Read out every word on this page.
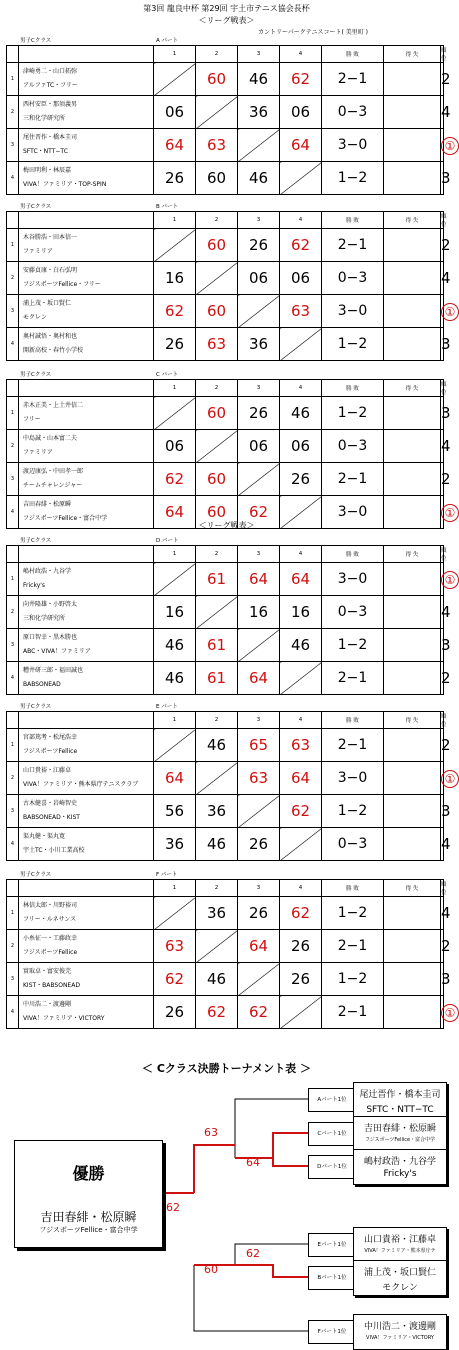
第3回 龍良中杯 第29回 宇土市テニス協会長杯
＜リーグ戦表＞
カントリーパークテニスコート( 美里町 )
男子Cクラス	A パート
		1	2	3	4	勝 敗	得 失	順 位
1	津崎勇二・山口拓弥
アルファTC・フリー		60	46	62	2−1		2
2	西村安臣・那須義男
三和化学研究所	06		36	06	0−3		4
3	尾住晋作・橋本圭司
SFTC・NTT−TC	64	63		64	3−0		①
4	梅田明利・林辰嘉
VIVA！ファミリア・TOP-SPIN	26	60	46		1−2		3
男子Cクラス	B パート
		1	2	3	4	勝 敗	得 失	順 位
1	木谷勝浩・田本信一
ファミリア		60	26	62	2−1		2
2	安藤貞康・白石弘明
フジスポーツFellice・フリー	16		06	06	0−3		4
3	浦上茂・坂口賢仁
モクレン	62	60		63	3−0		①
4	奥村誠悟・奥村和也
開新高校・春竹小学校	26	63	36		1−2		3
男子Cクラス	C パート
		1	2	3	4	勝 敗	得 失	順 位
1	赤木正美・上土井信二
フリー		60	26	46	1−2		3
2	中島誠・山本富二夫
ファミリア	06		06	06	0−3		4
3	渡辺康弘・中田孝一郎
チームチャレンジャー	62	60		26	2−1		2
4	吉田春緋・松原瞬
フジスポーツFellice・富合中学	64	60	62		3−0		①
男子Cクラス	D パート
		1	2	3	4	勝 敗	得 失	順 位
1	嶋村政浩・九谷学
Fricky's		61	64	64	3−0		①
2	向井隆雄・小野啓太
三和化学研究所	16		16	16	0−3		4
3	原口智幸・黒木勝也
ABC・VIVA！ファミリア	46	61		46	1−2		3
4	糟井研三郎・福田誠也
BABSONEAD	46	61	64		2−1		2
男子Cクラス	E パート
		1	2	3	4	勝 敗	得 失	順 位
1	宮部篤考・松尾浩幸
フジスポーツFellice		46	65	63	2−1		2
2	山口貴裕・江藤卓
VIVA！ファミリア・熊本県庁テニスクラブ	64		63	64	3−0		①
3	古木健喜・岩崎智史
BABSONEAD・KIST	56	36		62	1−2		3
4	渠丸健・渠丸寛
宇土TC・小川工業高校	36	46	26		0−3		4
男子Cクラス	F パート
		1	2	3	4	勝 敗	得 失	順 位
1	林信太郎・川野裕司
フリー・ルネサンス		36	26	62	1−2		4
2	小糸征一・工藤政幸
フジスポーツFellice	63		64	26	2−1		2
3	實取卓・富安俊芫
KIST・BABSONEAD	62	46		26	1−2		3
4	中川浩二・渡邊剛
VIVA！ファミリア・VICTORY	26	62	62		2−1		①
＜ Cクラス決勝トーナメント表 ＞
優勝
吉田春緋・松原瞬
フジスポーツFellice・富合中学
Aパート1位	尾辻晋作・橋本圭司
SFTC・NTT−TC
Cパート1位	吉田春緋・松原瞬
フジスポーツFellice・富合中学
Dパート1位	嶋村政浩・九谷学
Fricky's
Eパート1位	山口貴裕・江藤卓
VIVA！ファミリア・熊本県庁テ
Bパート1位	浦上茂・坂口賢仁
モクレン
Fパート1位	中川浩二・渡邊剛
VIVA！ファミリア・VICTORY
63
64
62
60
62
＜リーグ戦表＞
